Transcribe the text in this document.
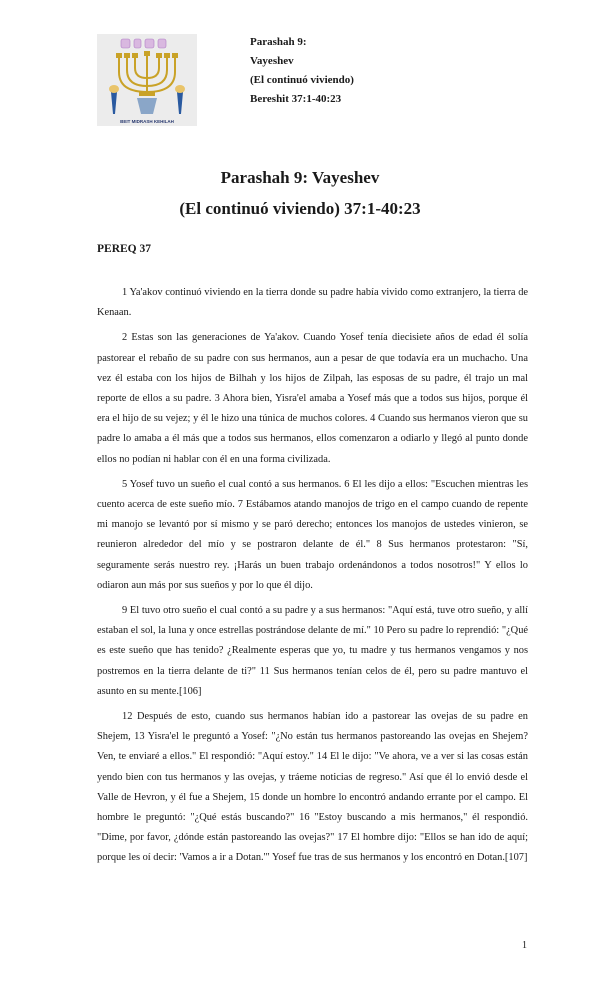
BEIT MIDRASH KEHILAH
Parashah 9:
Vayeshev
(El continuó viviendo)
Bereshit 37:1-40:23
Parashah 9: Vayeshev
(El continuó viviendo) 37:1-40:23
PEREQ 37

1 Ya'akov continuó viviendo en la tierra donde su padre había vivido como extranjero, la tierra de Kenaan.

2 Estas son las generaciones de Ya'akov. Cuando Yosef tenía diecisiete años de edad él solía pastorear el rebaño de su padre con sus hermanos, aun a pesar de que todavía era un muchacho. Una vez él estaba con los hijos de Bilhah y los hijos de Zilpah, las esposas de su padre, él trajo un mal reporte de ellos a su padre. 3 Ahora bien, Yisra'el amaba a Yosef más que a todos sus hijos, porque él era el hijo de su vejez; y él le hizo una túnica de muchos colores. 4 Cuando sus hermanos vieron que su padre lo amaba a él más que a todos sus hermanos, ellos comenzaron a odiarlo y llegó al punto donde ellos no podían ni hablar con él en una forma civilizada.

5 Yosef tuvo un sueño el cual contó a sus hermanos. 6 El les dijo a ellos: "Escuchen mientras les cuento acerca de este sueño mío. 7 Estábamos atando manojos de trigo en el campo cuando de repente mi manojo se levantó por sí mismo y se paró derecho; entonces los manojos de ustedes vinieron, se reunieron alrededor del mío y se postraron delante de él." 8 Sus hermanos protestaron: "Sí, seguramente serás nuestro rey. ¡Harás un buen trabajo ordenándonos a todos nosotros!" Y ellos lo odiaron aun más por sus sueños y por lo que él dijo.

9 El tuvo otro sueño el cual contó a su padre y a sus hermanos: "Aquí está, tuve otro sueño, y allí estaban el sol, la luna y once estrellas postrándose delante de mí." 10 Pero su padre lo reprendió: "¿Qué es este sueño que has tenido? ¿Realmente esperas que yo, tu madre y tus hermanos vengamos y nos postremos en la tierra delante de ti?" 11 Sus hermanos tenían celos de él, pero su padre mantuvo el asunto en su mente.[106]

12 Después de esto, cuando sus hermanos habían ido a pastorear las ovejas de su padre en Shejem, 13 Yisra'el le preguntó a Yosef: "¿No están tus hermanos pastoreando las ovejas en Shejem? Ven, te enviaré a ellos." El respondió: "Aquí estoy." 14 El le dijo: "Ve ahora, ve a ver si las cosas están yendo bien con tus hermanos y las ovejas, y tráeme noticias de regreso." Así que él lo envió desde el Valle de Hevron, y él fue a Shejem, 15 donde un hombre lo encontró andando errante por el campo. El hombre le preguntó: "¿Qué estás buscando?" 16 "Estoy buscando a mis hermanos," él respondió. "Dime, por favor, ¿dónde están pastoreando las ovejas?" 17 El hombre dijo: "Ellos se han ido de aquí; porque les oí decir: 'Vamos a ir a Dotan.'" Yosef fue tras de sus hermanos y los encontró en Dotan.[107]

1
